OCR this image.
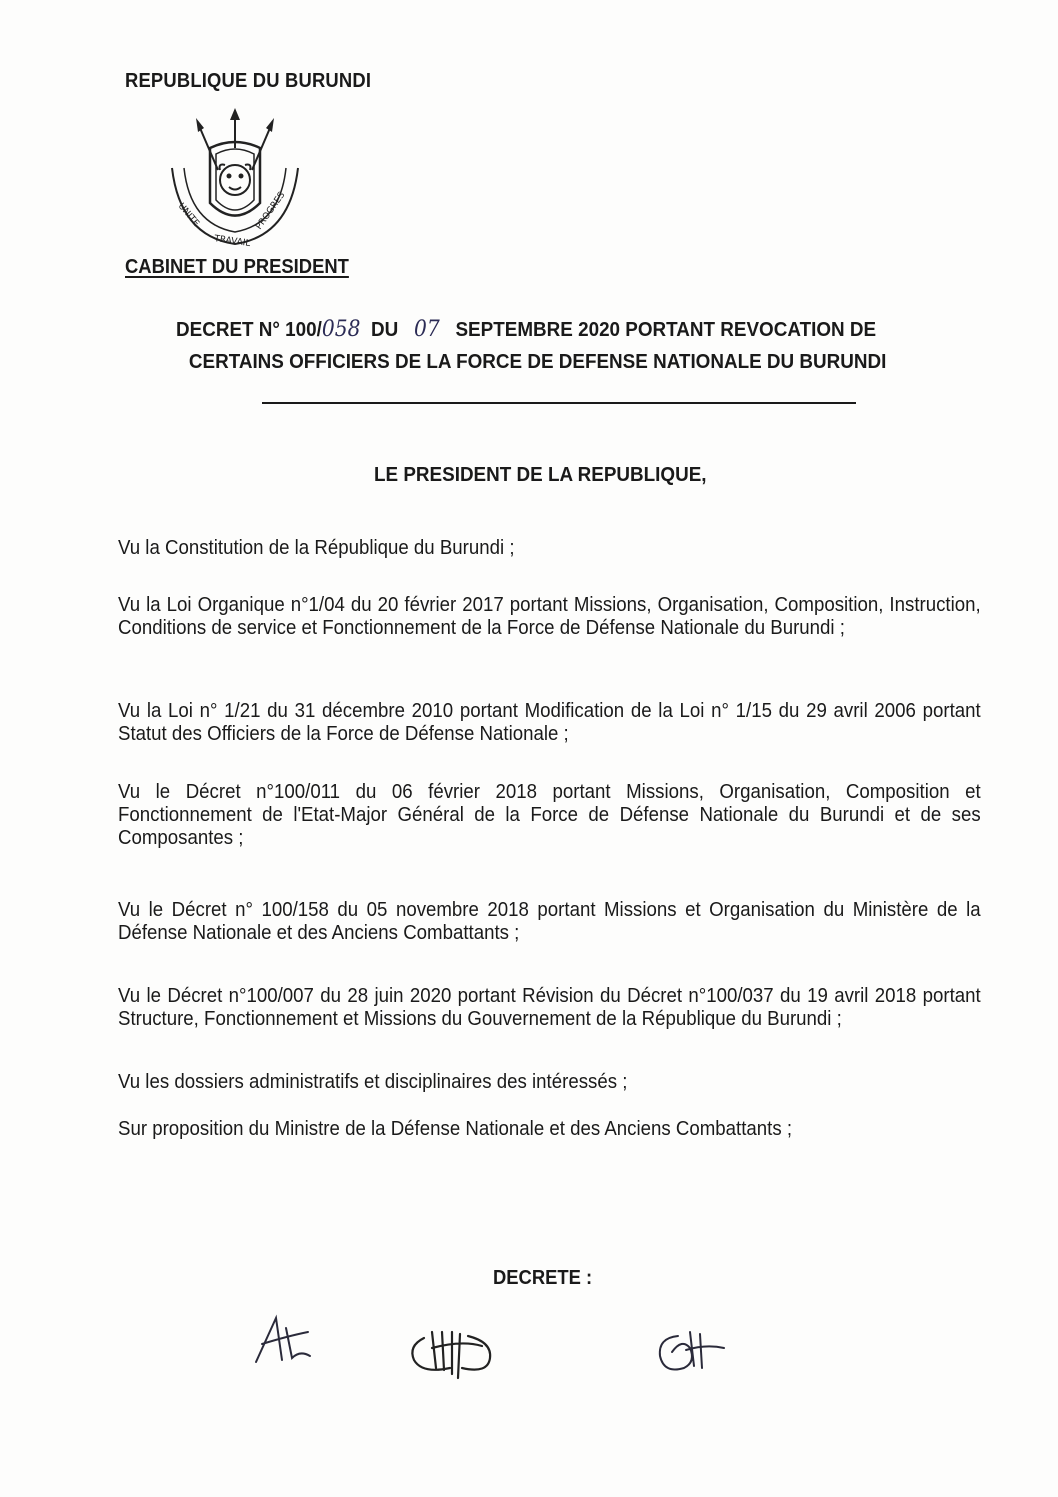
REPUBLIQUE DU BURUNDI
UNITE
TRAVAIL
PROGRES
CABINET DU PRESIDENT
DECRET N° 100/058 DU 07 SEPTEMBRE 2020 PORTANT REVOCATION DE
CERTAINS OFFICIERS DE LA FORCE DE DEFENSE NATIONALE DU BURUNDI
LE PRESIDENT DE LA REPUBLIQUE,
Vu la Constitution de la République du Burundi ;
Vu la Loi Organique n°1/04 du 20 février 2017 portant Missions, Organisation, Composition, Instruction, Conditions de service et Fonctionnement de la Force de Défense Nationale du Burundi ;
Vu la Loi n° 1/21 du 31 décembre 2010 portant Modification de la Loi n° 1/15 du 29 avril 2006 portant Statut des Officiers de la Force de Défense Nationale ;
Vu le Décret n°100/011 du 06 février 2018 portant Missions, Organisation, Composition et Fonctionnement de l'Etat-Major Général de la Force de Défense Nationale du Burundi et de ses Composantes ;
Vu le Décret n° 100/158 du 05 novembre 2018 portant Missions et Organisation du Ministère de la Défense Nationale et des Anciens Combattants ;
Vu le Décret n°100/007 du 28 juin 2020 portant Révision du Décret n°100/037 du 19 avril 2018 portant Structure, Fonctionnement et Missions du Gouvernement de la République du Burundi ;
Vu les dossiers administratifs et disciplinaires des intéressés ;
Sur proposition du Ministre de la Défense Nationale et des Anciens Combattants ;
DECRETE :
